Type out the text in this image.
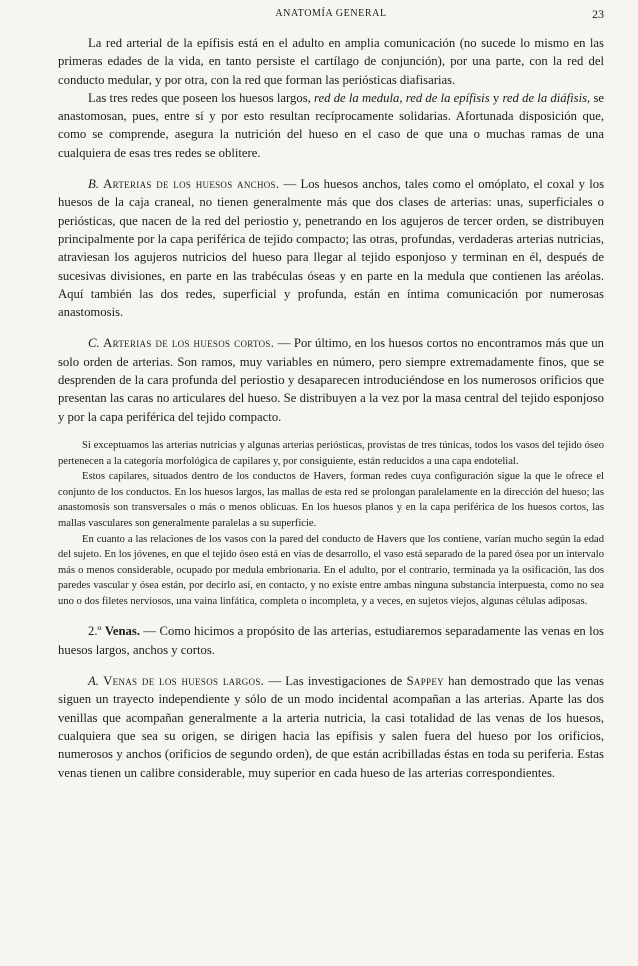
ANATOMÍA GENERAL	23

La red arterial de la epífisis está en el adulto en amplia comunicación (no sucede lo mismo en las primeras edades de la vida, en tanto persiste el cartílago de conjunción), por una parte, con la red del conducto medular, y por otra, con la red que forman las periósticas diafisarias.

Las tres redes que poseen los huesos largos, red de la medula, red de la epífisis y red de la diáfisis, se anastomosan, pues, entre sí y por esto resultan recíprocamente solidarias. Afortunada disposición que, como se comprende, asegura la nutrición del hueso en el caso de que una o muchas ramas de una cualquiera de esas tres redes se oblitere.

B. Arterias de los huesos anchos. — Los huesos anchos, tales como el omóplato, el coxal y los huesos de la caja craneal, no tienen generalmente más que dos clases de arterias: unas, superficiales o periósticas, que nacen de la red del periostio y, penetrando en los agujeros de tercer orden, se distribuyen principalmente por la capa periférica de tejido compacto; las otras, profundas, verdaderas arterias nutricias, atraviesan los agujeros nutricios del hueso para llegar al tejido esponjoso y terminan en él, después de sucesivas divisiones, en parte en las trabéculas óseas y en parte en la medula que contienen las aréolas. Aquí también las dos redes, superficial y profunda, están en íntima comunicación por numerosas anastomosis.

C. Arterias de los huesos cortos. — Por último, en los huesos cortos no encontramos más que un solo orden de arterias. Son ramos, muy variables en número, pero siempre extremadamente finos, que se desprenden de la cara profunda del periostio y desaparecen introduciéndose en los numerosos orificios que presentan las caras no articulares del hueso. Se distribuyen a la vez por la masa central del tejido esponjoso y por la capa periférica del tejido compacto.

Si exceptuamos las arterias nutricias y algunas arterias periósticas, provistas de tres túnicas, todos los vasos del tejido óseo pertenecen a la categoría morfológica de capilares y, por consiguiente, están reducidos a una capa endotelial.

Estos capilares, situados dentro de los conductos de Havers, forman redes cuya configuración sigue la que le ofrece el conjunto de los conductos. En los huesos largos, las mallas de esta red se prolongan paralelamente en la dirección del hueso; las anastomosis son transversales o más o menos oblicuas. En los huesos planos y en la capa periférica de los huesos cortos, las mallas vasculares son generalmente paralelas a su superficie.

En cuanto a las relaciones de los vasos con la pared del conducto de Havers que los contiene, varían mucho según la edad del sujeto. En los jóvenes, en que el tejido óseo está en vías de desarrollo, el vaso está separado de la pared ósea por un intervalo más o menos considerable, ocupado por medula embrionaria. En el adulto, por el contrario, terminada ya la osificación, las dos paredes vascular y ósea están, por decirlo así, en contacto, y no existe entre ambas ninguna substancia interpuesta, como no sea uno o dos filetes nerviosos, una vaina linfática, completa o incompleta, y a veces, en sujetos viejos, algunas células adiposas.

2.º Venas. — Como hicimos a propósito de las arterias, estudiaremos separadamente las venas en los huesos largos, anchos y cortos.

A. Venas de los huesos largos. — Las investigaciones de Sappey han demostrado que las venas siguen un trayecto independiente y sólo de un modo incidental acompañan a las arterias. Aparte las dos venillas que acompañan generalmente a la arteria nutricia, la casi totalidad de las venas de los huesos, cualquiera que sea su origen, se dirigen hacia las epífisis y salen fuera del hueso por los orificios, numerosos y anchos (orificios de segundo orden), de que están acribilladas éstas en toda su periferia. Estas venas tienen un calibre considerable, muy superior en cada hueso de las arterias correspondientes.
